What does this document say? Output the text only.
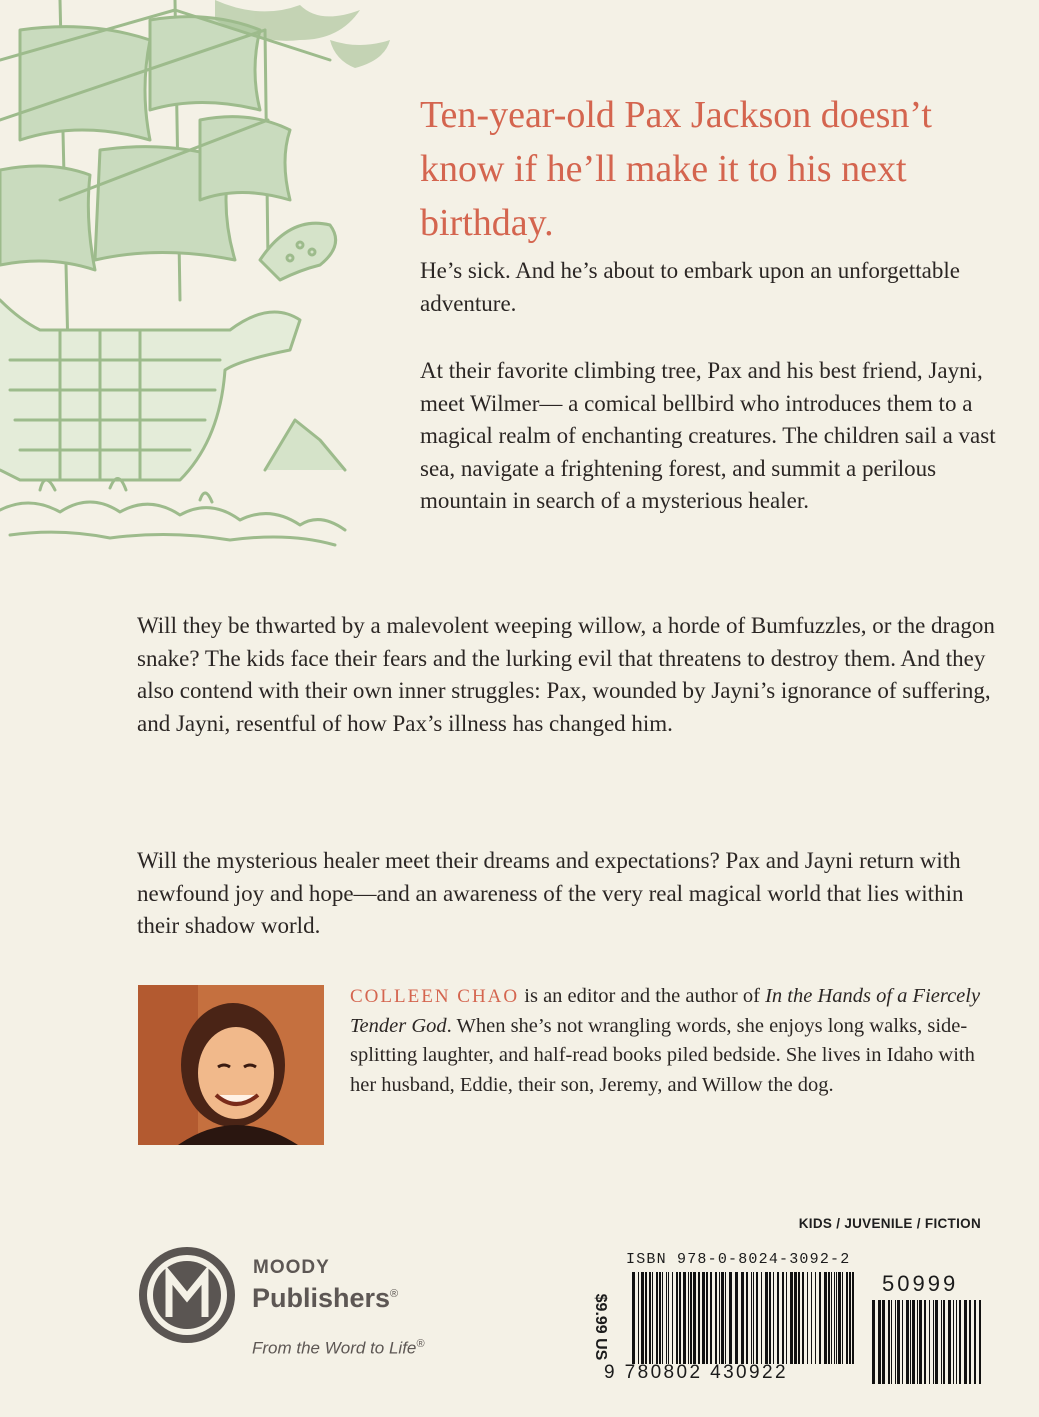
Ten-year-old Pax Jackson doesn’t know if he’ll make it to his next birthday.

He’s sick. And he’s about to embark upon an unforgettable adventure.

At their favorite climbing tree, Pax and his best friend, Jayni, meet Wilmer— a comical bellbird who introduces them to a magical realm of enchanting creatures. The children sail a vast sea, navigate a frightening forest, and summit a perilous mountain in search of a mysterious healer.

Will they be thwarted by a malevolent weeping willow, a horde of Bumfuzzles, or the dragon snake? The kids face their fears and the lurking evil that threatens to destroy them. And they also contend with their own inner struggles: Pax, wounded by Jayni’s ignorance of suffering, and Jayni, resentful of how Pax’s illness has changed him.

Will the mysterious healer meet their dreams and expectations? Pax and Jayni return with newfound joy and hope—and an awareness of the very real magical world that lies within their shadow world.

COLLEEN CHAO is an editor and the author of In the Hands of a Fiercely Tender God. When she’s not wrangling words, she enjoys long walks, side-splitting laughter, and half-read books piled bedside. She lives in Idaho with her husband, Eddie, their son, Jeremy, and Willow the dog.

KIDS / JUVENILE / FICTION
MOODY
Publishers®
From the Word to Life®
ISBN 978-0-8024-3092-2
$9.99 US
9 780802 430922
50999
